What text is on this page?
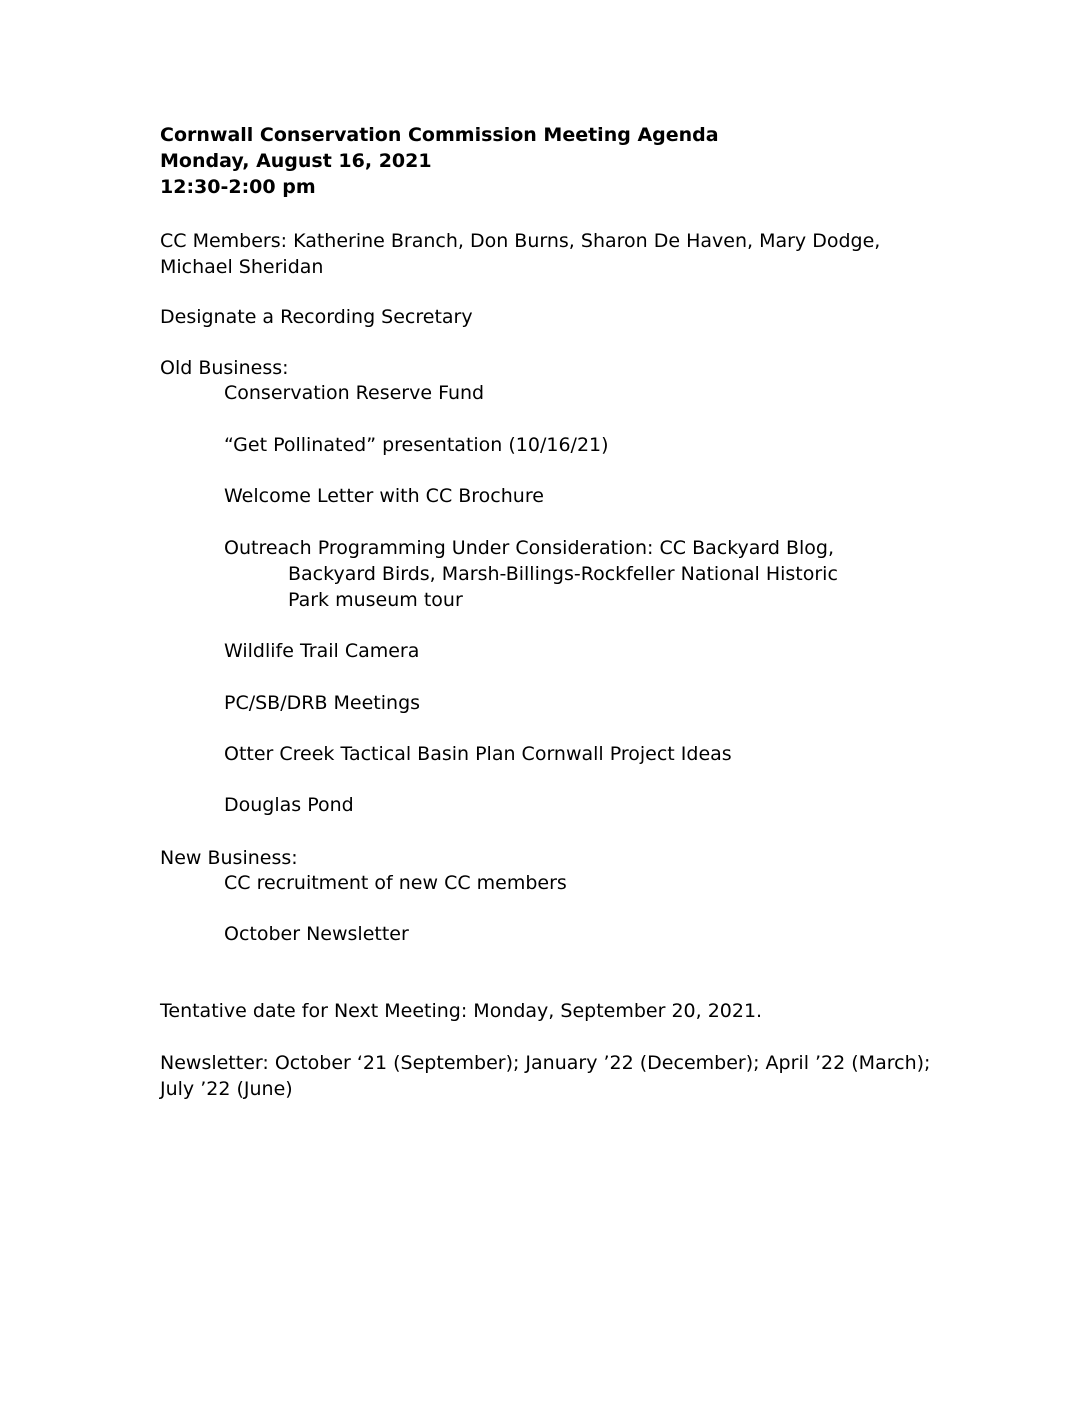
Cornwall Conservation Commission Meeting Agenda
Monday, August 16, 2021
12:30-2:00 pm
CC Members: Katherine Branch, Don Burns, Sharon De Haven, Mary Dodge,
Michael Sheridan
Designate a Recording Secretary
Old Business:
Conservation Reserve Fund
“Get Pollinated” presentation (10/16/21)
Welcome Letter with CC Brochure
Outreach Programming Under Consideration: CC Backyard Blog,
Backyard Birds, Marsh-Billings-Rockfeller National Historic
Park museum tour
Wildlife Trail Camera
PC/SB/DRB Meetings
Otter Creek Tactical Basin Plan Cornwall Project Ideas
Douglas Pond
New Business:
CC recruitment of new CC members
October Newsletter
Tentative date for Next Meeting: Monday, September 20, 2021.
Newsletter: October ‘21 (September); January ’22 (December); April ’22 (March);
July ’22 (June)
